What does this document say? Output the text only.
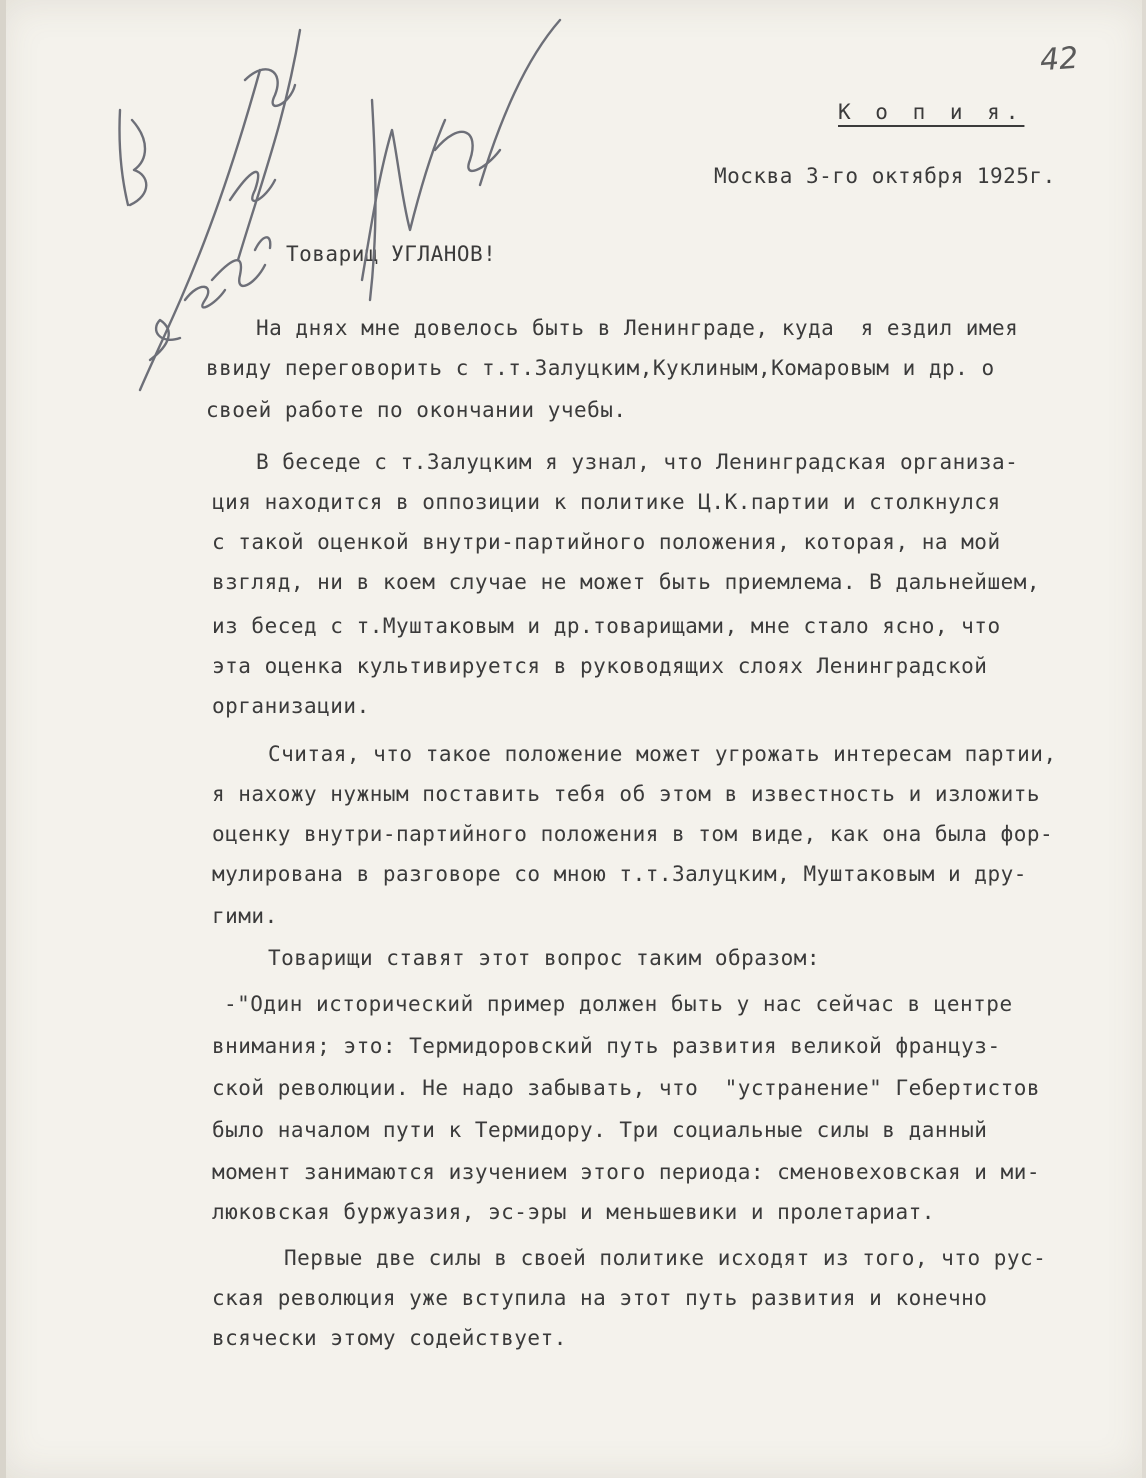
42
К о п и я.
Москва 3-го октября 1925г.
Товарищ УГЛАНОВ!
На днях мне довелось быть в Ленинграде, куда  я ездил имея
ввиду переговорить с т.т.Залуцким,Куклиным,Комаровым и др. о
своей работе по окончании учебы.
В беседе с т.Залуцким я узнал, что Ленинградская организа-
ция находится в оппозиции к политике Ц.К.партии и столкнулся
с такой оценкой внутри-партийного положения, которая, на мой
взгляд, ни в коем случае не может быть приемлема. В дальнейшем,
из бесед с т.Муштаковым и др.товарищами, мне стало ясно, что
эта оценка культивируется в руководящих слоях Ленинградской
организации.
Считая, что такое положение может угрожать интересам партии,
я нахожу нужным поставить тебя об этом в известность и изложить
оценку внутри-партийного положения в том виде, как она была фор-
мулирована в разговоре со мною т.т.Залуцким, Муштаковым и дру-
гими.
Товарищи ставят этот вопрос таким образом:
-"Один исторический пример должен быть у нас сейчас в центре
внимания; это: Термидоровский путь развития великой француз-
ской революции. Не надо забывать, что  "устранение" Гебертистов
было началом пути к Термидору. Три социальные силы в данный
момент занимаются изучением этого периода: сменовеховская и ми-
люковская буржуазия, эс-эры и меньшевики и пролетариат.
Первые две силы в своей политике исходят из того, что рус-
ская революция уже вступила на этот путь развития и конечно
всячески этому содействует.
